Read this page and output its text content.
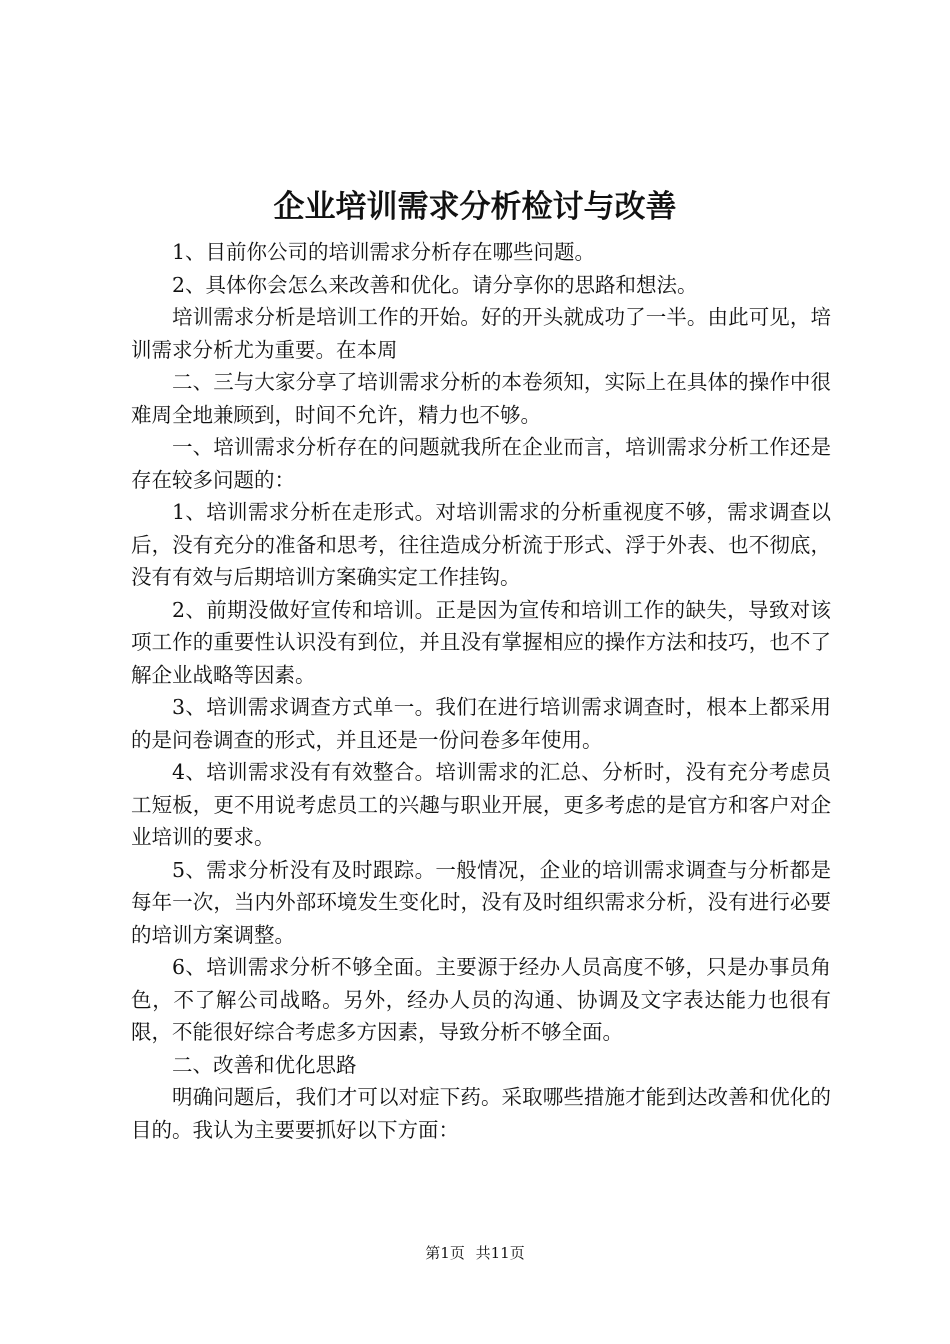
企业培训需求分析检讨与改善

1、目前你公司的培训需求分析存在哪些问题。

2、具体你会怎么来改善和优化。请分享你的思路和想法。

培训需求分析是培训工作的开始。好的开头就成功了一半。由此可见，培训需求分析尤为重要。在本周

二、三与大家分享了培训需求分析的本卷须知，实际上在具体的操作中很难周全地兼顾到，时间不允许，精力也不够。

一、培训需求分析存在的问题就我所在企业而言，培训需求分析工作还是存在较多问题的：

1、培训需求分析在走形式。对培训需求的分析重视度不够，需求调查以后，没有充分的准备和思考，往往造成分析流于形式、浮于外表、也不彻底，没有有效与后期培训方案确实定工作挂钩。

2、前期没做好宣传和培训。正是因为宣传和培训工作的缺失，导致对该项工作的重要性认识没有到位，并且没有掌握相应的操作方法和技巧，也不了解企业战略等因素。

3、培训需求调查方式单一。我们在进行培训需求调查时，根本上都采用的是问卷调查的形式，并且还是一份问卷多年使用。

4、培训需求没有有效整合。培训需求的汇总、分析时，没有充分考虑员工短板，更不用说考虑员工的兴趣与职业开展，更多考虑的是官方和客户对企业培训的要求。

5、需求分析没有及时跟踪。一般情况，企业的培训需求调查与分析都是每年一次，当内外部环境发生变化时，没有及时组织需求分析，没有进行必要的培训方案调整。

6、培训需求分析不够全面。主要源于经办人员高度不够，只是办事员角色，不了解公司战略。另外，经办人员的沟通、协调及文字表达能力也很有限，不能很好综合考虑多方因素，导致分析不够全面。

二、改善和优化思路

明确问题后，我们才可以对症下药。采取哪些措施才能到达改善和优化的目的。我认为主要要抓好以下方面：

第1页 共11页
